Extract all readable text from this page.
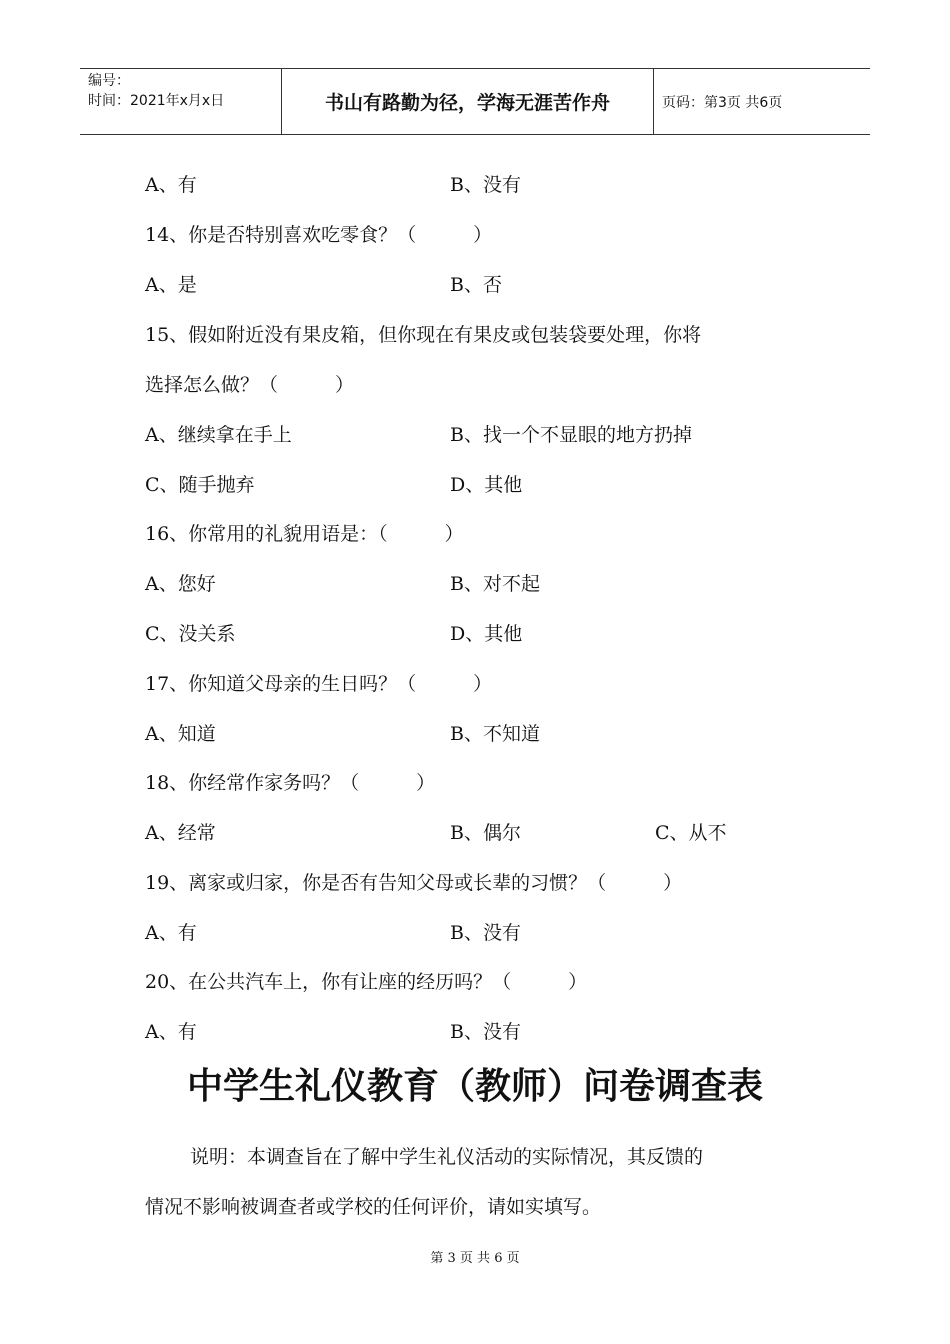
编号：
时间：2021年x月x日	书山有路勤为径，学海无涯苦作舟	页码：第3页 共6页
A、有	B、没有
14、你是否特别喜欢吃零食？（　　　）
A、是	B、否
15、假如附近没有果皮箱，但你现在有果皮或包装袋要处理，你将
选择怎么做？（　　　）
A、继续拿在手上	B、找一个不显眼的地方扔掉
C、随手抛弃	D、其他
16、你常用的礼貌用语是：（　　　）
A、您好	B、对不起
C、没关系	D、其他
17、你知道父母亲的生日吗？（　　　）
A、知道	B、不知道
18、你经常作家务吗？（　　　）
A、经常	B、偶尔	C、从不
19、离家或归家，你是否有告知父母或长辈的习惯？（　　　）
A、有	B、没有
20、在公共汽车上，你有让座的经历吗？（　　　）
A、有	B、没有
中学生礼仪教育（教师）问卷调查表
说明：本调查旨在了解中学生礼仪活动的实际情况，其反馈的
情况不影响被调查者或学校的任何评价，请如实填写。
第 3 页 共 6 页
